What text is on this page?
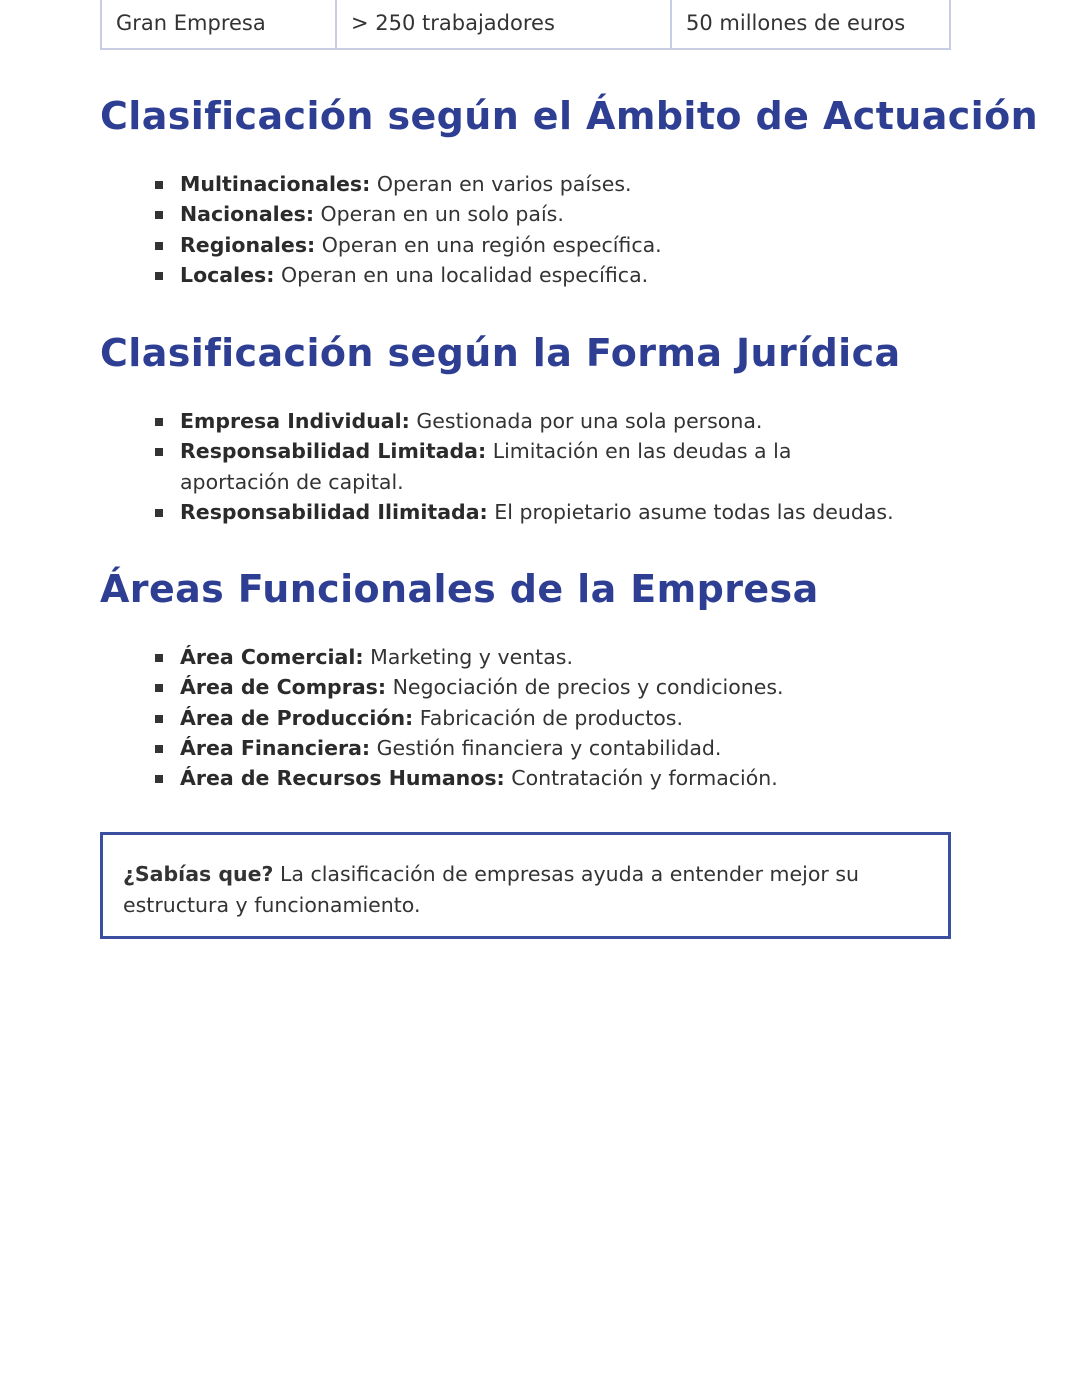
Gran Empresa	> 250 trabajadores	50 millones de euros
Clasificación según el Ámbito de Actuación
Multinacionales: Operan en varios países.
Nacionales: Operan en un solo país.
Regionales: Operan en una región específica.
Locales: Operan en una localidad específica.
Clasificación según la Forma Jurídica
Empresa Individual: Gestionada por una sola persona.
Responsabilidad Limitada: Limitación en las deudas a la aportación de capital.
Responsabilidad Ilimitada: El propietario asume todas las deudas.
Áreas Funcionales de la Empresa
Área Comercial: Marketing y ventas.
Área de Compras: Negociación de precios y condiciones.
Área de Producción: Fabricación de productos.
Área Financiera: Gestión financiera y contabilidad.
Área de Recursos Humanos: Contratación y formación.

¿Sabías que? La clasificación de empresas ayuda a entender mejor su estructura y funcionamiento.
